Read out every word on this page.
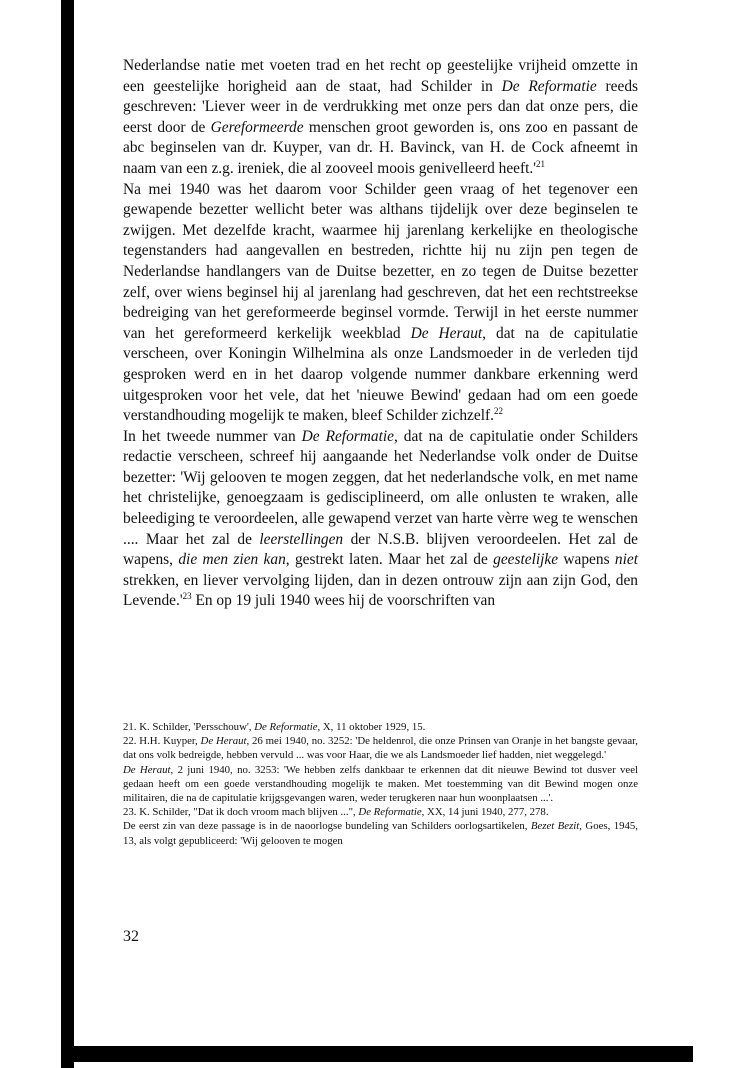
Nederlandse natie met voeten trad en het recht op geestelijke vrijheid omzette in een geestelijke horigheid aan de staat, had Schilder in De Reformatie reeds geschreven: 'Liever weer in de verdrukking met onze pers dan dat onze pers, die eerst door de Gereformeerde menschen groot geworden is, ons zoo en passant de abc beginselen van dr. Kuyper, van dr. H. Bavinck, van H. de Cock afneemt in naam van een z.g. ireniek, die al zooveel moois genivelleerd $heeft.'^{21}$

Na mei 1940 was het daarom voor Schilder geen vraag of het tegenover een gewapende bezetter wellicht beter was althans tijdelijk over deze beginselen te zwijgen. Met dezelfde kracht, waarmee hij jarenlang kerkelijke en theologische tegenstanders had aangevallen en bestreden, richtte hij nu zijn pen tegen de Nederlandse handlangers van de Duitse bezetter, en zo tegen de Duitse bezetter zelf, over wiens beginsel hij al jarenlang had geschreven, dat het een rechtstreekse bedreiging van het gereformeerde beginsel vormde. Terwijl in het eerste nummer van het gereformeerd kerkelijk weekblad De Heraut, dat na de capitulatie verscheen, over Koningin Wilhelmina als onze Landsmoeder in de verleden tijd gesproken werd en in het daarop volgende nummer dankbare erkenning werd uitgesproken voor het vele, dat het 'nieuwe Bewind' gedaan had om een goede verstandhouding mogelijk te maken, bleef Schilder zichzelf.$^{22}$

In het tweede nummer van De Reformatie, dat na de capitulatie onder Schilders redactie verscheen, schreef hij aangaande het Nederlandse volk onder de Duitse bezetter: 'Wij gelooven te mogen zeggen, dat het nederlandsche volk, en met name het christelijke, genoegzaam is gedisciplineerd, om alle onlusten te wraken, alle beleediging te veroordeelen, alle gewapend verzet van harte vèrre weg te wenschen .... Maar het zal de leerstellingen der N.S.B. blijven veroordeelen. Het zal de wapens, die men zien kan, gestrekt laten. Maar het zal de geestelijke wapens niet strekken, en liever vervolging lijden, dan in dezen ontrouw zijn aan zijn God, den $Levende.'^{23}$ En op 19 juli 1940 wees hij de voorschriften van

21. K. Schilder, 'Persschouw', De Reformatie, X, 11 oktober 1929, 15.

22. H.H. Kuyper, De Heraut, 26 mei 1940, no. 3252: 'De heldenrol, die onze Prinsen van Oranje in het bangste gevaar, dat ons volk bedreigde, hebben vervuld ... was voor Haar, die we als Landsmoeder lief hadden, niet weggelegd.'

De Heraut, 2 juni 1940, no. 3253: 'We hebben zelfs dankbaar te erkennen dat dit nieuwe Bewind tot dusver veel gedaan heeft om een goede verstandhouding mogelijk te maken. Met toestemming van dit Bewind mogen onze militairen, die na de capitulatie krijgsgevangen waren, weder terugkeren naar hun woonplaatsen ...'.

23. K. Schilder, "Dat ik doch vroom mach blijven ...", De Reformatie, XX, 14 juni 1940, 277, 278.

De eerst zin van deze passage is in de naoorlogse bundeling van Schilders oorlogsartikelen, Bezet Bezit, Goes, 1945, 13, als volgt gepubliceerd: 'Wij gelooven te mogen

32
